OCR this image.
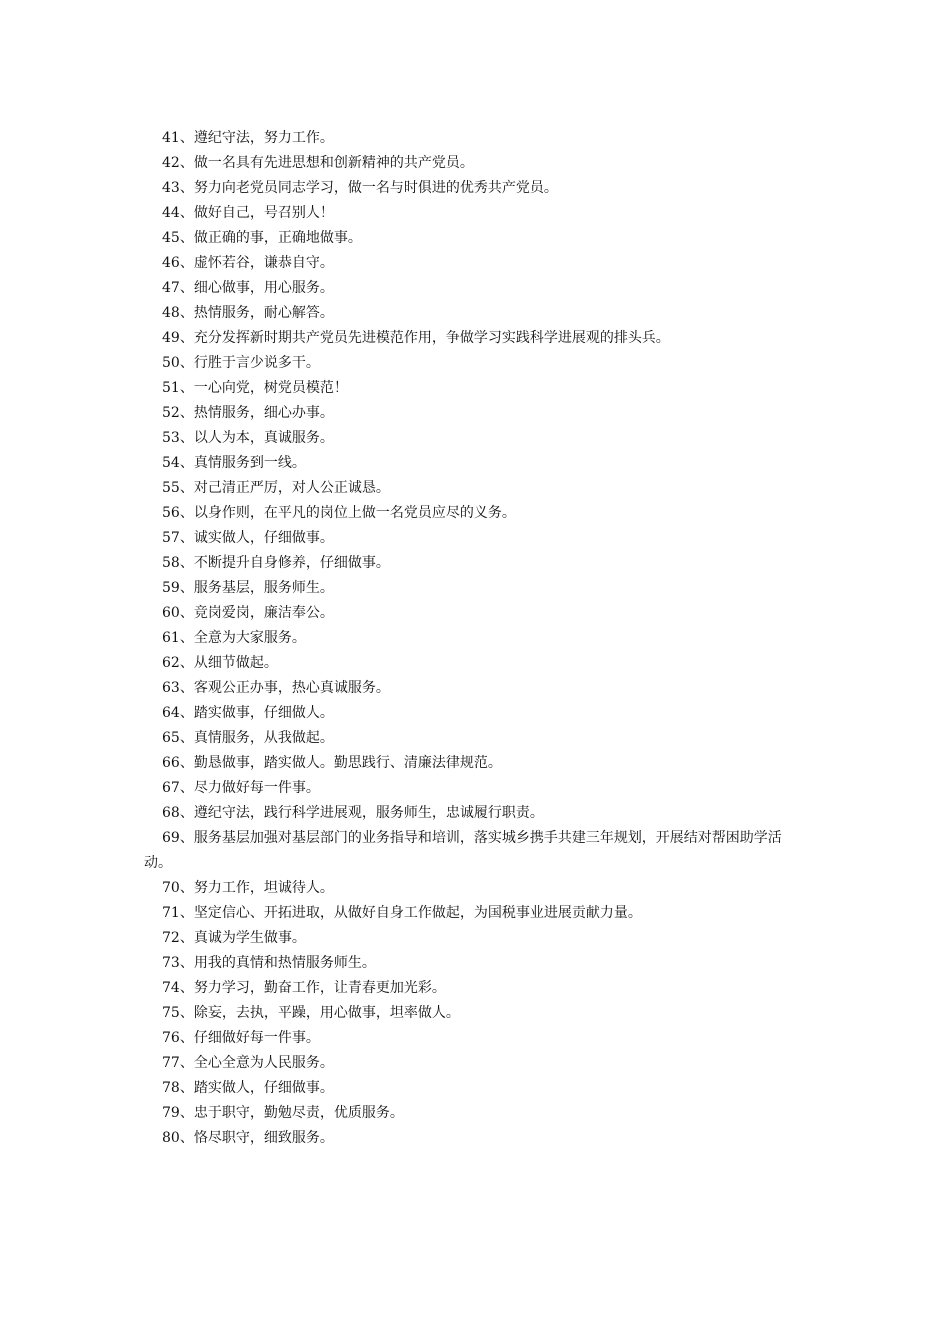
41、遵纪守法，努力工作。
42、做一名具有先进思想和创新精神的共产党员。
43、努力向老党员同志学习，做一名与时俱进的优秀共产党员。
44、做好自己，号召别人！
45、做正确的事，正确地做事。
46、虚怀若谷，谦恭自守。
47、细心做事，用心服务。
48、热情服务，耐心解答。
49、充分发挥新时期共产党员先进模范作用，争做学习实践科学进展观的排头兵。
50、行胜于言少说多干。
51、一心向党，树党员模范！
52、热情服务，细心办事。
53、以人为本，真诚服务。
54、真情服务到一线。
55、对己清正严厉，对人公正诚恳。
56、以身作则，在平凡的岗位上做一名党员应尽的义务。
57、诚实做人，仔细做事。
58、不断提升自身修养，仔细做事。
59、服务基层，服务师生。
60、竞岗爱岗，廉洁奉公。
61、全意为大家服务。
62、从细节做起。
63、客观公正办事，热心真诚服务。
64、踏实做事，仔细做人。
65、真情服务，从我做起。
66、勤恳做事，踏实做人。勤思践行、清廉法律规范。
67、尽力做好每一件事。
68、遵纪守法，践行科学进展观，服务师生，忠诚履行职责。
69、服务基层加强对基层部门的业务指导和培训，落实城乡携手共建三年规划，开展结对帮困助学活动。
70、努力工作，坦诚待人。
71、坚定信心、开拓进取，从做好自身工作做起，为国税事业进展贡献力量。
72、真诚为学生做事。
73、用我的真情和热情服务师生。
74、努力学习，勤奋工作，让青春更加光彩。
75、除妄，去执，平躁，用心做事，坦率做人。
76、仔细做好每一件事。
77、全心全意为人民服务。
78、踏实做人，仔细做事。
79、忠于职守，勤勉尽责，优质服务。
80、恪尽职守，细致服务。
